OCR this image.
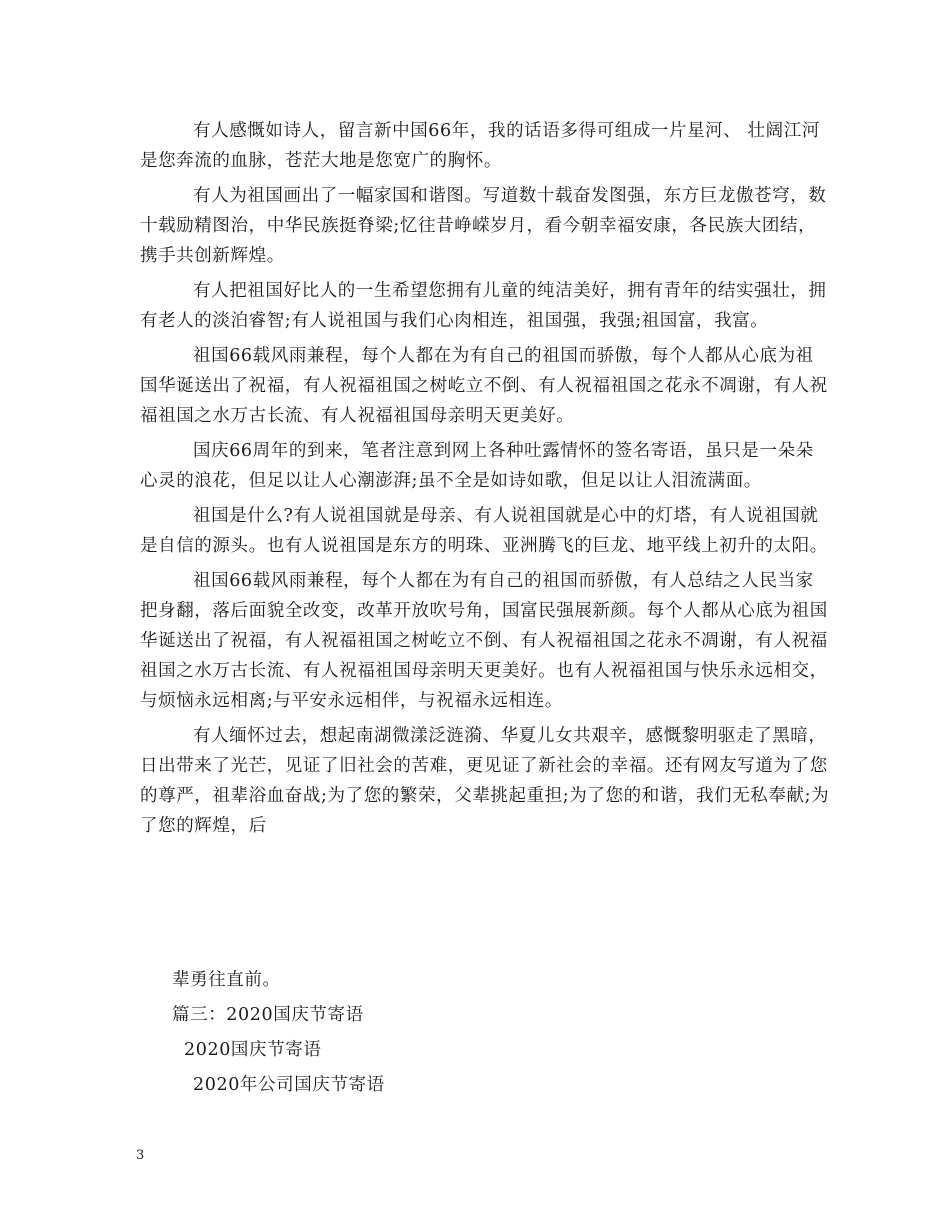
有人感慨如诗人，留言新中国66年，我的话语多得可组成一片星河、 壮阔江河是您奔流的血脉，苍茫大地是您宽广的胸怀。

有人为祖国画出了一幅家国和谐图。写道数十载奋发图强，东方巨龙傲苍穹，数十载励精图治，中华民族挺脊梁;忆往昔峥嵘岁月，看今朝幸福安康，各民族大团结，携手共创新辉煌。

有人把祖国好比人的一生希望您拥有儿童的纯洁美好，拥有青年的结实强壮，拥有老人的淡泊睿智;有人说祖国与我们心肉相连，祖国强，我强;祖国富，我富。

祖国66载风雨兼程，每个人都在为有自己的祖国而骄傲，每个人都从心底为祖国华诞送出了祝福，有人祝福祖国之树屹立不倒、有人祝福祖国之花永不凋谢，有人祝福祖国之水万古长流、有人祝福祖国母亲明天更美好。

国庆66周年的到来，笔者注意到网上各种吐露情怀的签名寄语，虽只是一朵朵心灵的浪花，但足以让人心潮澎湃;虽不全是如诗如歌，但足以让人泪流满面。

祖国是什么?有人说祖国就是母亲、有人说祖国就是心中的灯塔，有人说祖国就是自信的源头。也有人说祖国是东方的明珠、亚洲腾飞的巨龙、地平线上初升的太阳。

祖国66载风雨兼程，每个人都在为有自己的祖国而骄傲，有人总结之人民当家把身翻，落后面貌全改变，改革开放吹号角，国富民强展新颜。每个人都从心底为祖国华诞送出了祝福，有人祝福祖国之树屹立不倒、有人祝福祖国之花永不凋谢，有人祝福祖国之水万古长流、有人祝福祖国母亲明天更美好。也有人祝福祖国与快乐永远相交，与烦恼永远相离;与平安永远相伴，与祝福永远相连。

有人缅怀过去，想起南湖微漾泛涟漪、华夏儿女共艰辛，感慨黎明驱走了黑暗，日出带来了光芒，见证了旧社会的苦难，更见证了新社会的幸福。还有网友写道为了您的尊严，祖辈浴血奋战;为了您的繁荣，父辈挑起重担;为了您的和谐，我们无私奉献;为了您的辉煌，后

辈勇往直前。
篇三：2020国庆节寄语
2020国庆节寄语
2020年公司国庆节寄语
3
